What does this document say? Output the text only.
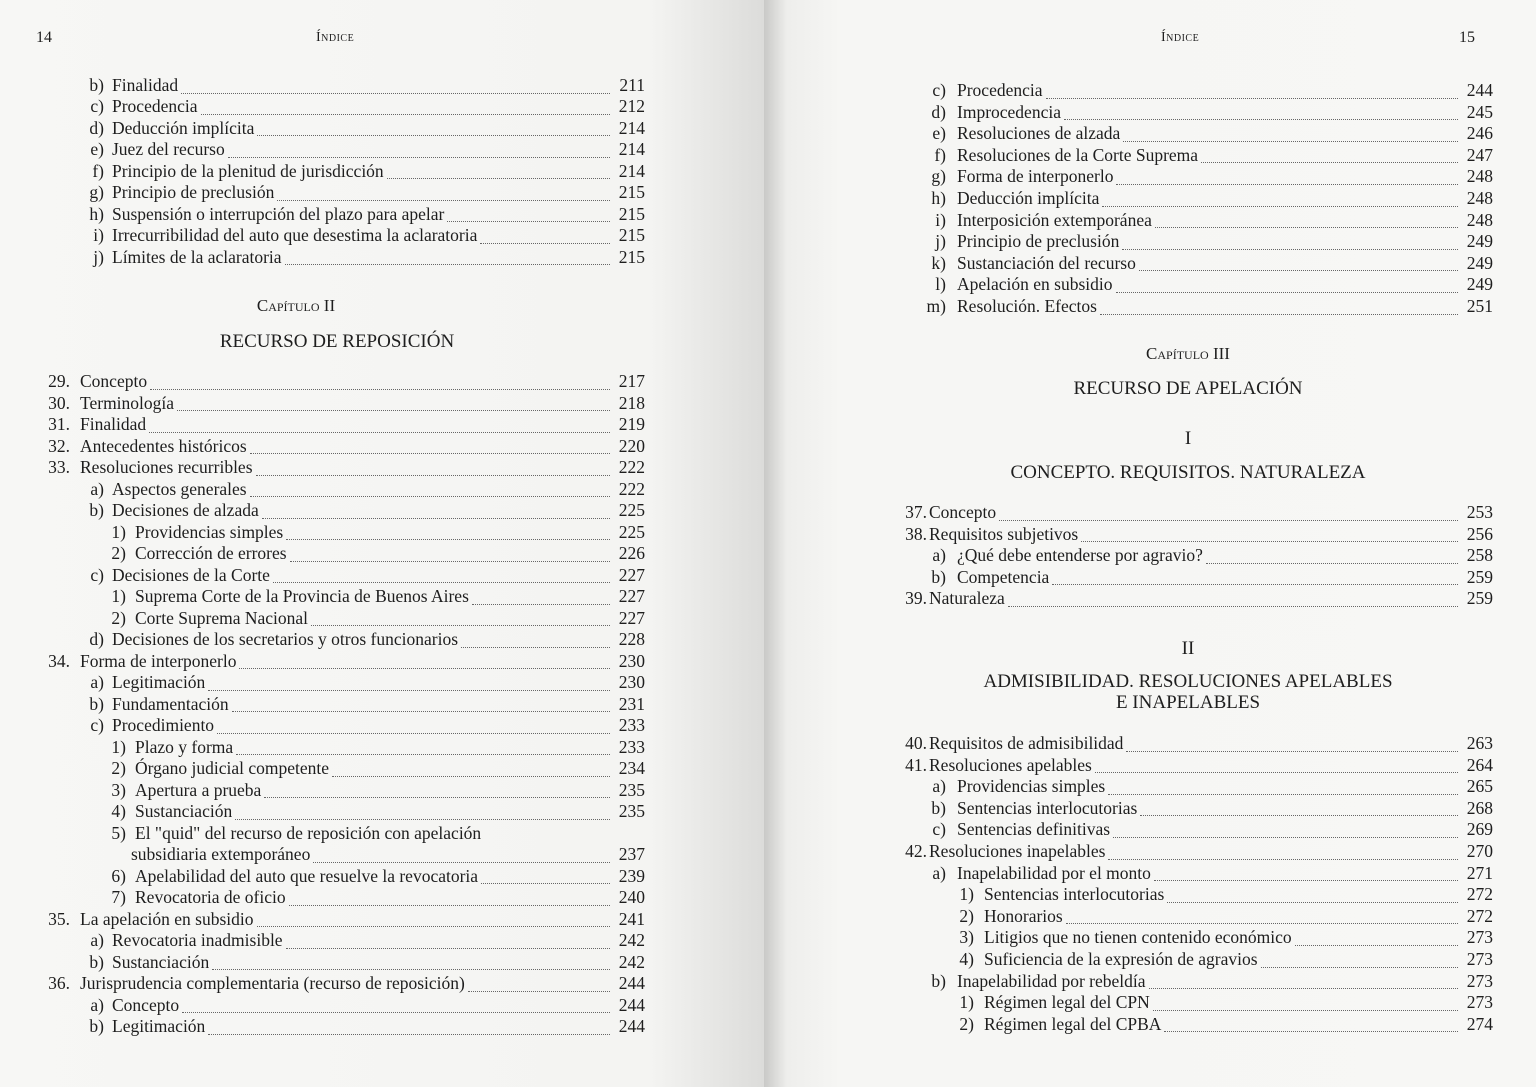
14	Índice
b) Finalidad	211
c) Procedencia	212
d) Deducción implícita	214
e) Juez del recurso	214
f) Principio de la plenitud de jurisdicción	214
g) Principio de preclusión	215
h) Suspensión o interrupción del plazo para apelar	215
i) Irrecurribilidad del auto que desestima la aclaratoria	215
j) Límites de la aclaratoria	215
Capítulo II
RECURSO DE REPOSICIÓN
29. Concepto	217
30. Terminología	218
31. Finalidad	219
32. Antecedentes históricos	220
33. Resoluciones recurribles	222
a) Aspectos generales	222
b) Decisiones de alzada	225
1) Providencias simples	225
2) Corrección de errores	226
c) Decisiones de la Corte	227
1) Suprema Corte de la Provincia de Buenos Aires	227
2) Corte Suprema Nacional	227
d) Decisiones de los secretarios y otros funcionarios	228
34. Forma de interponerlo	230
a) Legitimación	230
b) Fundamentación	231
c) Procedimiento	233
1) Plazo y forma	233
2) Órgano judicial competente	234
3) Apertura a prueba	235
4) Sustanciación	235
5) El "quid" del recurso de reposición con apelación
subsidiaria extemporáneo	237
6) Apelabilidad del auto que resuelve la revocatoria	239
7) Revocatoria de oficio	240
35. La apelación en subsidio	241
a) Revocatoria inadmisible	242
b) Sustanciación	242
36. Jurisprudencia complementaria (recurso de reposición)	244
a) Concepto	244
b) Legitimación	244
Índice	15
c) Procedencia	244
d) Improcedencia	245
e) Resoluciones de alzada	246
f) Resoluciones de la Corte Suprema	247
g) Forma de interponerlo	248
h) Deducción implícita	248
i) Interposición extemporánea	248
j) Principio de preclusión	249
k) Sustanciación del recurso	249
l) Apelación en subsidio	249
m) Resolución. Efectos	251
Capítulo III
RECURSO DE APELACIÓN
I
CONCEPTO. REQUISITOS. NATURALEZA
37. Concepto	253
38. Requisitos subjetivos	256
a) ¿Qué debe entenderse por agravio?	258
b) Competencia	259
39. Naturaleza	259
II
ADMISIBILIDAD. RESOLUCIONES APELABLES
E INAPELABLES
40. Requisitos de admisibilidad	263
41. Resoluciones apelables	264
a) Providencias simples	265
b) Sentencias interlocutorias	268
c) Sentencias definitivas	269
42. Resoluciones inapelables	270
a) Inapelabilidad por el monto	271
1) Sentencias interlocutorias	272
2) Honorarios	272
3) Litigios que no tienen contenido económico	273
4) Suficiencia de la expresión de agravios	273
b) Inapelabilidad por rebeldía	273
1) Régimen legal del CPN	273
2) Régimen legal del CPBA	274
